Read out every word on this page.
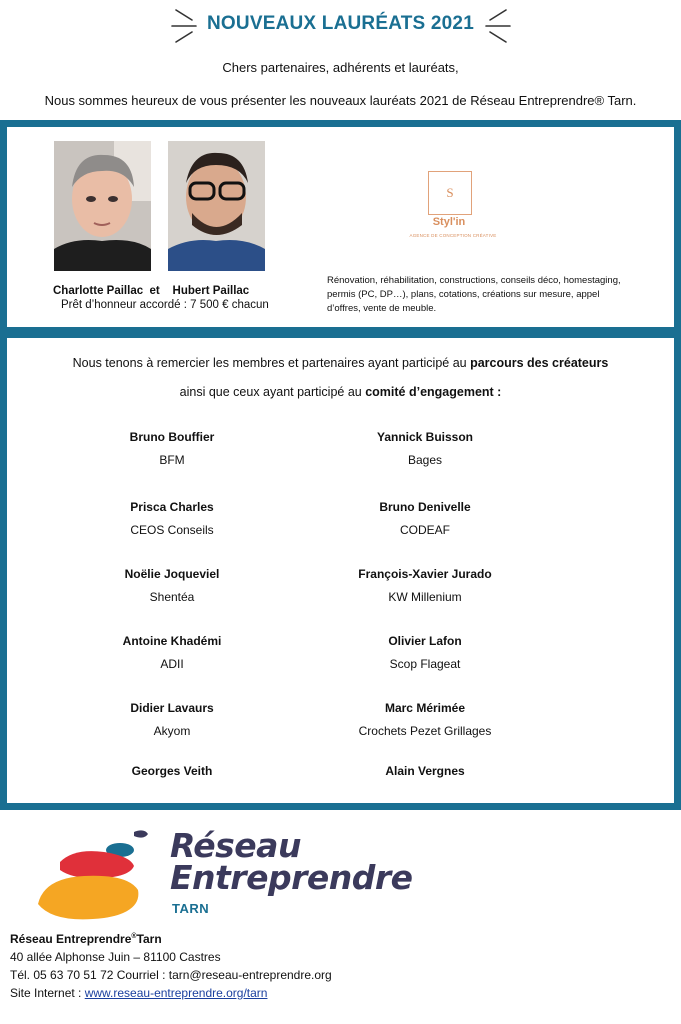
NOUVEAUX LAURÉATS 2021
Chers partenaires, adhérents et lauréats,
Nous sommes heureux de vous présenter les nouveaux lauréats 2021 de Réseau Entreprendre® Tarn.
Charlotte Paillac  et    Hubert Paillac
Prêt d’honneur accordé : 7 500 € chacun
S
Styl'in
AGENCE DE CONCEPTION CRÉATIVE
Rénovation, réhabilitation, constructions, conseils déco, homestaging, permis (PC, DP…), plans, cotations, créations sur mesure, appel d’offres, vente de meuble.
Nous tenons à remercier les membres et partenaires ayant participé au parcours des créateurs
ainsi que ceux ayant participé au comité d’engagement :
Bruno Bouffier
BFM
Prisca Charles
CEOS Conseils
Noëlie Joqueviel
Shentéa
Antoine Khadémi
ADII
Didier Lavaurs
Akyom
Georges Veith
Yannick Buisson
Bages
Bruno Denivelle
CODEAF
François-Xavier Jurado
KW Millenium
Olivier Lafon
Scop Flageat
Marc Mérimée
Crochets Pezet Grillages
Alain Vergnes
Réseau
Entreprendre
TARN
Réseau Entreprendre®Tarn
40 allée Alphonse Juin – 81100 Castres
Tél. 05 63 70 51 72 Courriel : tarn@reseau-entreprendre.org
Site Internet : www.reseau-entreprendre.org/tarn
